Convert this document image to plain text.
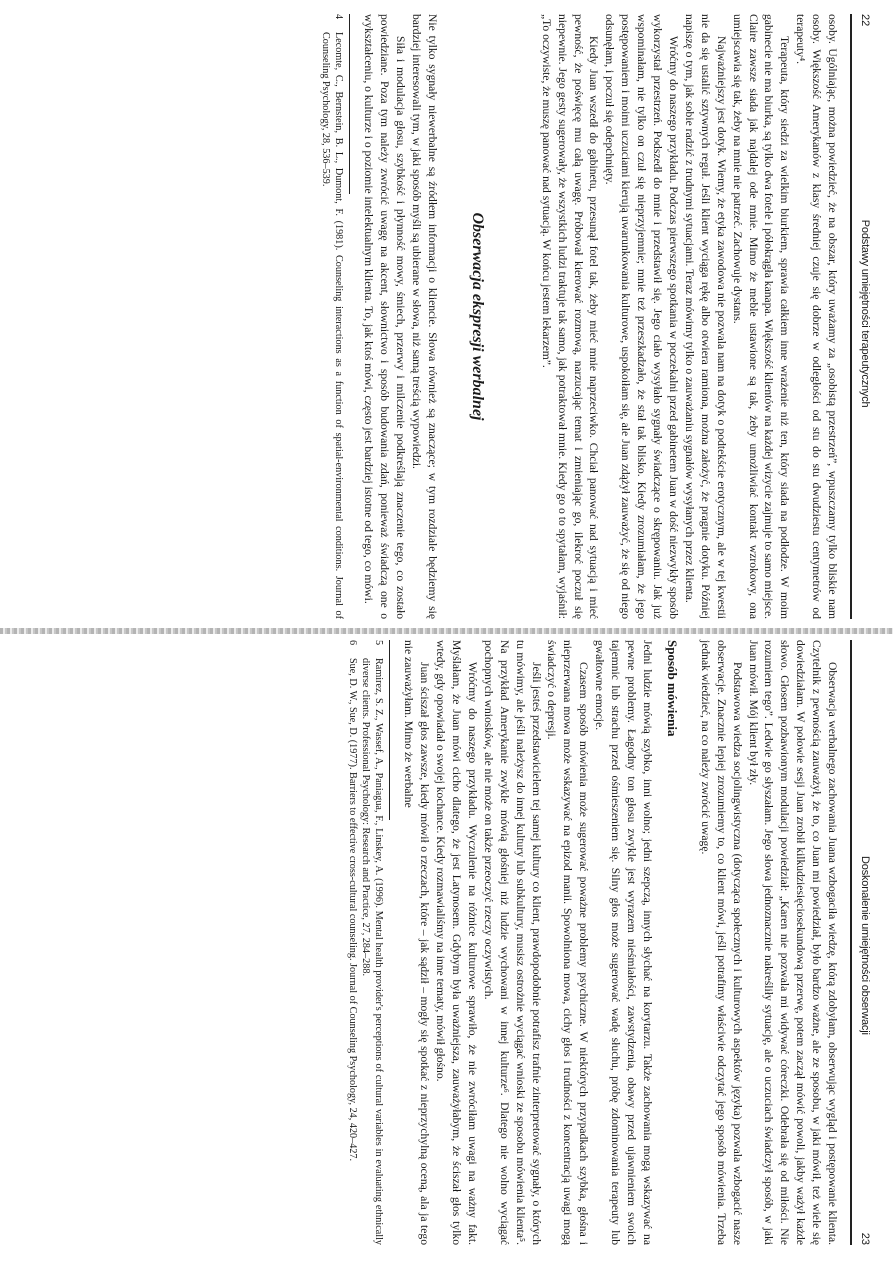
22
Podstawy umiejętności terapeutycznych

osoby. Ugólniając, można powiedzieć, że na obszar, który uważamy za „osobistą przestrzeń”, wpuszczamy tylko bliskie nam osoby. Większość Amerykanów z klasy średniej czuje się dobrze w odległości od stu do stu dwudziestu centymetrów od terapeuty⁴.

Terapeuta, który siedzi za wielkim biurkiem, sprawia całkiem inne wrażenie niż ten, który siada na podłodze. W moim gabinecie nie ma biurka, są tylko dwa fotele i półokrągła kanapa. Większość klientów na każdej wizycie zajmuje to samo miejsce. Claire zawsze siada jak najdalej ode mnie. Mimo że meble ustawione są tak, żeby umożliwiać kontakt wzrokowy, ona umiejscawia się tak, żeby na mnie nie patrzeć. Zachowuje dystans.

Najważniejszy jest dotyk. Wiemy, że etyka zawodowa nie pozwala nam na dotyk o podtekście erotycznym, ale w tej kwestii nie da się ustalić sztywnych reguł. Jeśli klient wyciąga rękę albo otwiera ramiona, można założyć, że pragnie dotyku. Później napiszę o tym, jak sobie radzić z trudnymi sytuacjami. Teraz mówimy tylko o zauważaniu sygnałów wysyłanych przez klienta.

Wróćmy do naszego przykładu. Podczas pierwszego spotkania w poczekalni przed gabinetem Juan w dość niezwykły sposób wykorzystał przestrzeń. Podszedł do mnie i przedstawił się. Jego ciało wysyłało sygnały świadczące o skrępowaniu. Jak już wspominałam, nie tylko on czuł się nieprzyjemnie; mnie też przeszkadzało, że stał tak blisko. Kiedy zrozumiałam, że jego postępowaniem i moimi uczuciami kierują uwarunkowania kulturowe, uspokoiłam się, ale Juan zdążył zauważyć, że się od niego odsunęłam, i poczuł się odepchnięty.

Kiedy Juan wszedł do gabinetu, przesunął fotel tak, żeby mieć mnie naprzeciwko. Chciał panować nad sytuacją i mieć pewność, że poświęcę mu całą uwagę. Próbował kierować rozmową, narzucając temat i zmieniając go, ilekroć poczuł się niepewnie. Jego gesty sugerowały, że wszystkich ludzi traktuje tak samo, jak potraktował mnie. Kiedy go o to spytałam, wyjaśnił: „To oczywiste, że muszę panować nad sytuacją. W końcu jestem lekarzem”.

Obserwacja ekspresji werbalnej

Nie tylko sygnały niewerbalne są źródłem informacji o kliencie. Słowa również są znaczące; w tym rozdziale będziemy się bardziej interesowali tym, w jaki sposób myśli są ubierane w słowa, niż samą treścią wypowiedzi.

Siła i modulacja głosu, szybkość i płynność mowy, śmiech, przerwy i milczenie podkreślają znaczenie tego, co zostało powiedziane. Poza tym należy zwrócić uwagę na akcent, słownictwo i sposób budowania zdań, ponieważ świadczą one o wykształceniu, o kulturze i o poziomie intelektualnym klienta. To, jak ktoś mówi, często jest bardziej istotne od tego, co mówi.

4
Lecomte, C., Bernstein, B. L., Dumont, F. (1981). Counseling interactions as a function of spatial-environmental conditions. Journal of Counseling Psychology, 28, 536–539.
Doskonalenie umiejętności obserwacji
23

Obserwacja werbalnego zachowania Juana wzbogaciła wiedzę, którą zdobyłam, obserwując wygląd i postępowanie klienta. Czytelnik z pewnością zauważył, że to, co Juan mi powiedział, było bardzo ważne, ale ze sposobu, w jaki mówił, też wiele się dowiedziałam. W połowie sesji Juan zrobił kilkudziesięciosekundową przerwę, potem zaczął mówić powoli, jakby ważył każde słowo. Głosem pozbawionym modulacji powiedział: „Karen nie pozwala mi widywać córeczki. Odebrała się od miłości. Nie rozumiem tego”. Ledwie go słyszałam. Jego słowa jednoznacznie nakreśliły sytuację, ale o uczuciach świadczył sposób, w jaki Juan mówił. Mój klient był zły.

Podstawowa wiedza socjolingwistyczna (dotycząca społecznych i kulturowych aspektów języka) pozwala wzbogacić nasze obserwacje. Znacznie lepiej zrozumiemy to, co klient mówi, jeśli potrafimy właściwie odczytać jego sposób mówienia. Trzeba jednak wiedzieć, na co należy zwrócić uwagę.

Sposób mówienia

Jedni ludzie mówią szybko, inni wolno; jedni szepczą, innych słychać na korytarzu. Także zachowania mogą wskazywać na pewne problemy. Łagodny ton głosu zwykle jest wyrazem nieśmiałości, zawstydzenia, obawy przed ujawnieniem swoich tajemnic lub strachu przed ośmieszeniem się. Silny głos może sugerować wadę słuchu, próbę zdominowania terapeuty lub gwałtowne emocje.

Czasem sposób mówienia może sugerować poważne problemy psychiczne. W niektórych przypadkach szybka, głośna i nieprzerwana mowa może wskazywać na epizod manii. Spowolniona mowa, cichy głos i trudności z koncentracją uwagi mogą świadczyć o depresji.

Jeśli jesteś przedstawicielem tej samej kultury co klient, prawdopodobnie potrafisz trafnie zinterpretować sygnały, o których tu mówimy, ale jeśli należysz do innej kultury lub subkultury, musisz ostrożnie wyciągać wnioski ze sposobu mówienia klienta⁵. Na przykład Amerykanie zwykle mówią głośniej niż ludzie wychowani w innej kulturze⁶. Dlatego nie wolno wyciągać pochopnych wniosków, ale nie może on także przeoczyć rzeczy oczywistych.

Wróćmy do naszego przykładu. Wyczulenie na różnice kulturowe sprawiło, że nie zwróciłam uwagi na ważny fakt. Myślałam, że Juan mówi cicho dlatego, że jest Latynosem. Gdybym była uważniejsza, zauważyłabym, że ściszał głos tylko wtedy, gdy opowiadał o swojej kochance. Kiedy rozmawialiśmy na inne tematy, mówił głośno.

Juan ściszał głos zawsze, kiedy mówił o rzeczach, które – jak sądził – mogły się spotkać z nieprzychylną oceną, ala ja tego nie zauważyłam. Mimo że werbalne

5
Ramirez, S. Z., Wassef, A., Paniagua, F., Linskey, A. (1996). Mental health provider's perceptions of cultural variables in evaluating ethnically diverse clients. Professional Psychology: Research and Practice, 27, 284–288.
6
Sue, D. W., Sue, D. (1977). Barriers to effective cross-cultural counseling. Journal of Counseling Psychology, 24, 420–427.
